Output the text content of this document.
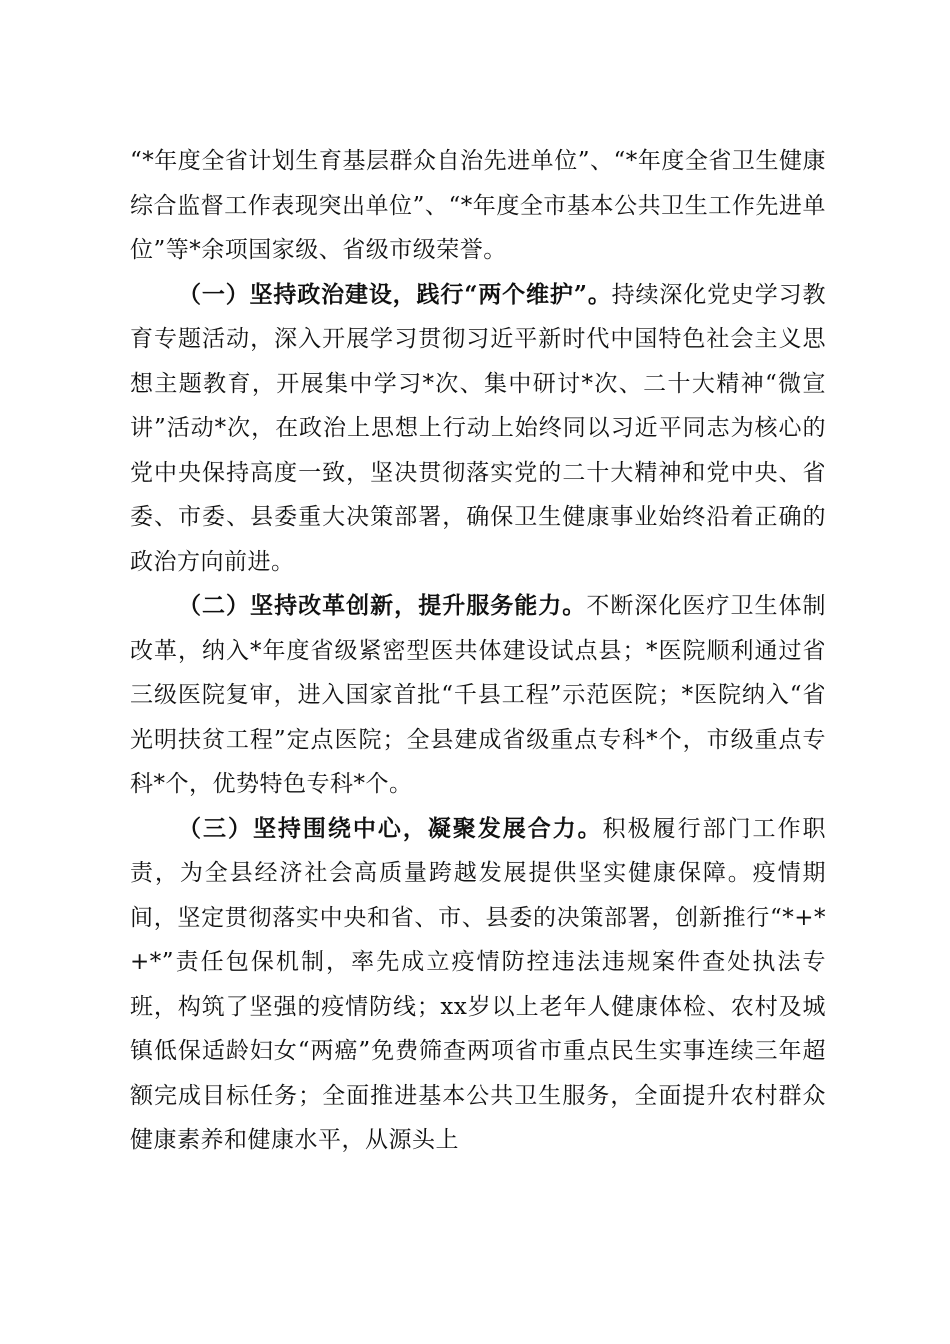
“*年度全省计划生育基层群众自治先进单位”、“*年度全省卫生健康综合监督工作表现突出单位”、“*年度全市基本公共卫生工作先进单位”等*余项国家级、省级市级荣誉。

（一）坚持政治建设，践行“两个维护”。持续深化党史学习教育专题活动，深入开展学习贯彻习近平新时代中国特色社会主义思想主题教育，开展集中学习*次、集中研讨*次、二十大精神“微宣讲”活动*次，在政治上思想上行动上始终同以习近平同志为核心的党中央保持高度一致，坚决贯彻落实党的二十大精神和党中央、省委、市委、县委重大决策部署，确保卫生健康事业始终沿着正确的政治方向前进。

（二）坚持改革创新，提升服务能力。不断深化医疗卫生体制改革，纳入*年度省级紧密型医共体建设试点县；*医院顺利通过省三级医院复审，进入国家首批“千县工程”示范医院；*医院纳入“省光明扶贫工程”定点医院；全县建成省级重点专科*个，市级重点专科*个，优势特色专科*个。

（三）坚持围绕中心，凝聚发展合力。积极履行部门工作职责，为全县经济社会高质量跨越发展提供坚实健康保障。疫情期间，坚定贯彻落实中央和省、市、县委的决策部署，创新推行“*+*+*”责任包保机制，率先成立疫情防控违法违规案件查处执法专班，构筑了坚强的疫情防线；xx岁以上老年人健康体检、农村及城镇低保适龄妇女“两癌”免费筛查两项省市重点民生实事连续三年超额完成目标任务；全面推进基本公共卫生服务，全面提升农村群众健康素养和健康水平，从源头上
